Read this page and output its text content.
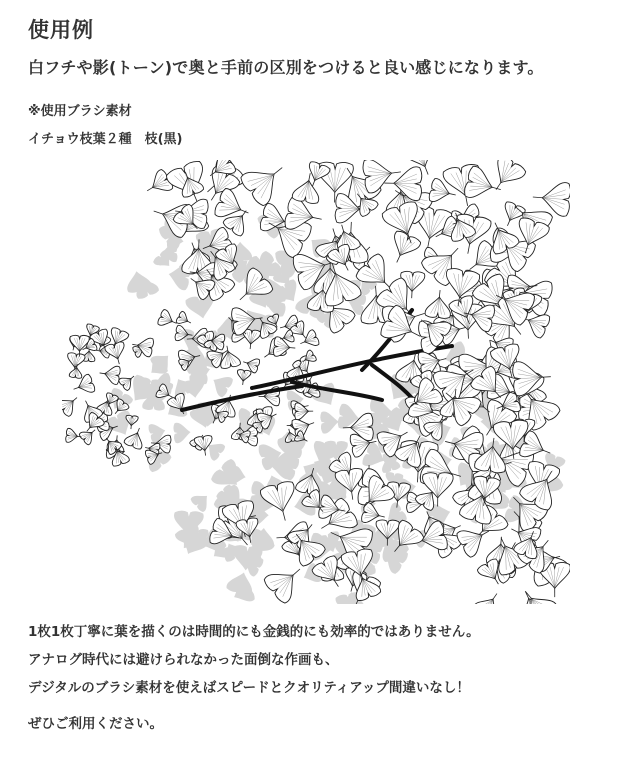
使用例
白フチや影(トーン)で奥と手前の区別をつけると良い感じになります。
※使用ブラシ素材
イチョウ枝葉２種　枝(黒)
1枚1枚丁寧に葉を描くのは時間的にも金銭的にも効率的ではありません。
アナログ時代には避けられなかった面倒な作画も、
デジタルのブラシ素材を使えばスピードとクオリティアップ間違いなし！
ぜひご利用ください。
